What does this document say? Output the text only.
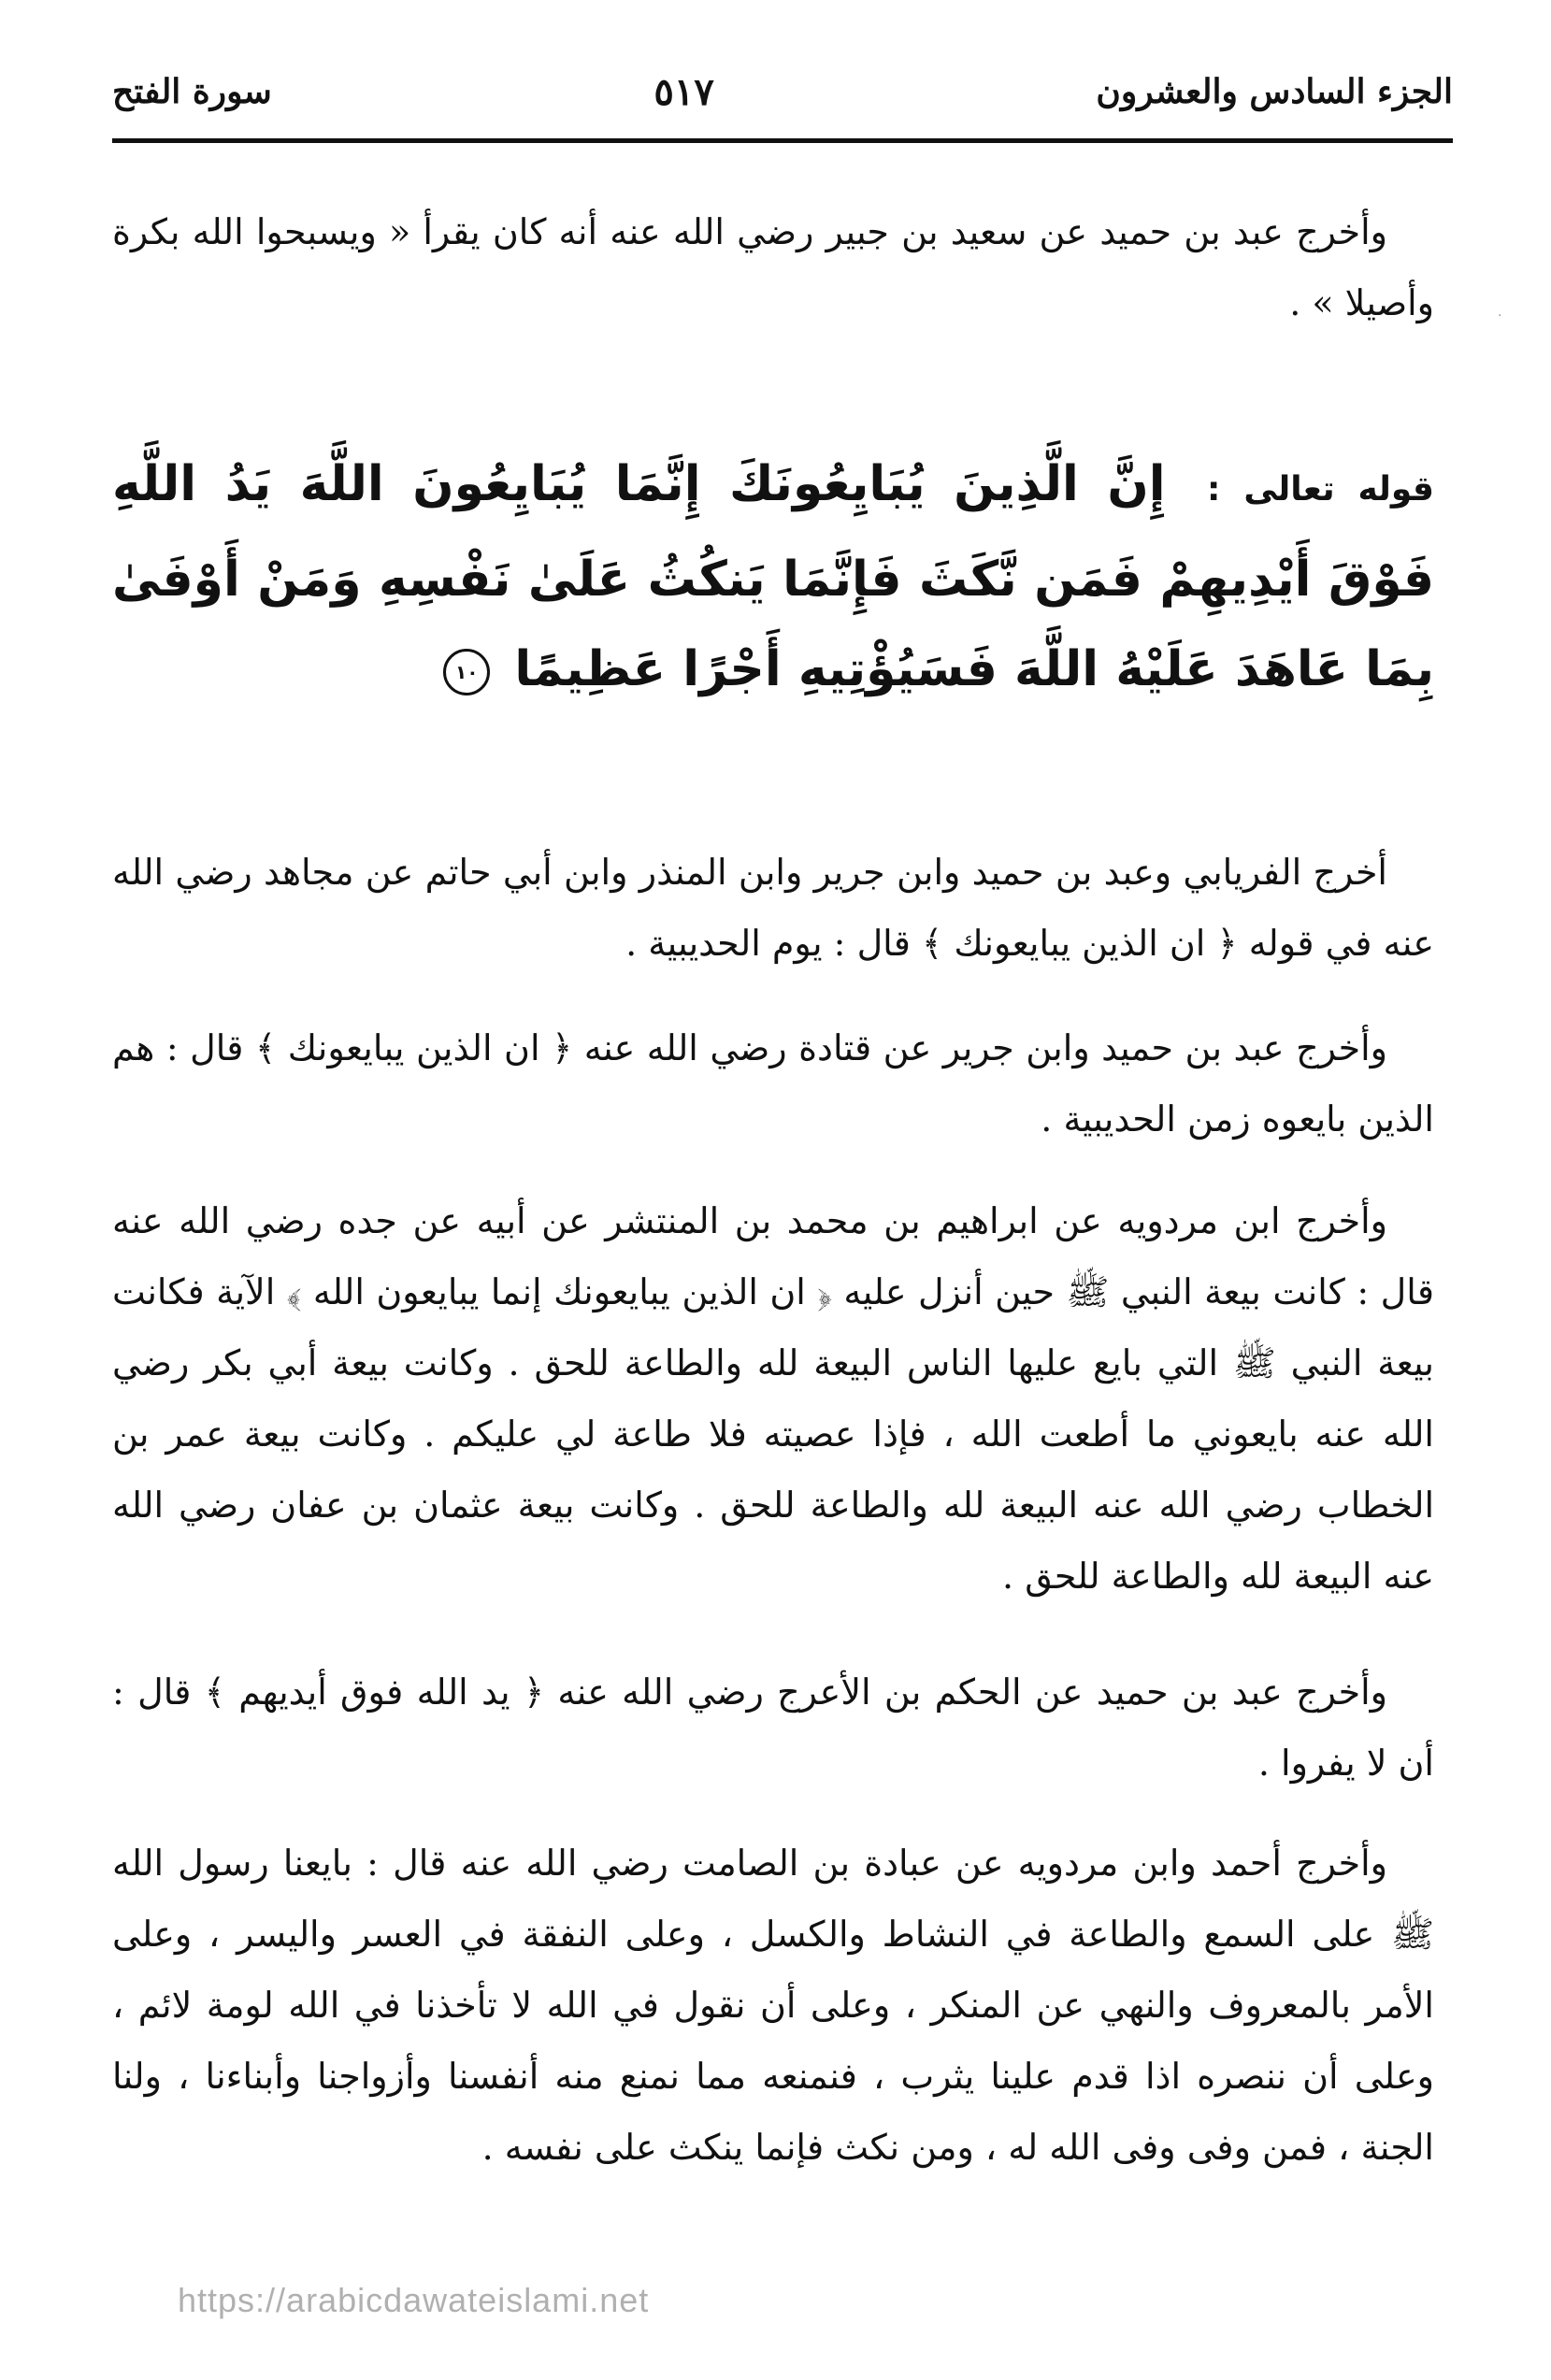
الجزء السادس والعشرون
٥١٧
سورة الفتح

وأخرج عبد بن حميد عن سعيد بن جبير رضي الله عنه أنه كان يقرأ « ويسبحوا الله بكرة وأصيلا » .

قوله تعالى : إِنَّ الَّذِينَ يُبَايِعُونَكَ إِنَّمَا يُبَايِعُونَ اللَّهَ يَدُ اللَّهِ فَوْقَ أَيْدِيهِمْ فَمَن نَّكَثَ فَإِنَّمَا يَنكُثُ عَلَىٰ نَفْسِهِ وَمَنْ أَوْفَىٰ بِمَا عَاهَدَ عَلَيْهُ اللَّهَ فَسَيُؤْتِيهِ أَجْرًا عَظِيمًا ١٠

أخرج الفريابي وعبد بن حميد وابن جرير وابن المنذر وابن أبي حاتم عن مجاهد رضي الله عنه في قوله ﴿ ان الذين يبايعونك ﴾ قال : يوم الحديبية .

وأخرج عبد بن حميد وابن جرير عن قتادة رضي الله عنه ﴿ ان الذين يبايعونك ﴾ قال : هم الذين بايعوه زمن الحديبية .

وأخرج ابن مردويه عن ابراهيم بن محمد بن المنتشر عن أبيه عن جده رضي الله عنه قال : كانت بيعة النبي ﷺ حين أنزل عليه ﴿ ان الذين يبايعونك إنما يبايعون الله ﴾ الآية فكانت بيعة النبي ﷺ التي بايع عليها الناس البيعة لله والطاعة للحق . وكانت بيعة أبي بكر رضي الله عنه بايعوني ما أطعت الله ، فإذا عصيته فلا طاعة لي عليكم . وكانت بيعة عمر بن الخطاب رضي الله عنه البيعة لله والطاعة للحق . وكانت بيعة عثمان بن عفان رضي الله عنه البيعة لله والطاعة للحق .

وأخرج عبد بن حميد عن الحكم بن الأعرج رضي الله عنه ﴿ يد الله فوق أيديهم ﴾ قال : أن لا يفروا .

وأخرج أحمد وابن مردويه عن عبادة بن الصامت رضي الله عنه قال : بايعنا رسول الله ﷺ على السمع والطاعة في النشاط والكسل ، وعلى النفقة في العسر واليسر ، وعلى الأمر بالمعروف والنهي عن المنكر ، وعلى أن نقول في الله لا تأخذنا في الله لومة لائم ، وعلى أن ننصره اذا قدم علينا يثرب ، فنمنعه مما نمنع منه أنفسنا وأزواجنا وأبناءنا ، ولنا الجنة ، فمن وفى وفى الله له ، ومن نكث فإنما ينكث على نفسه .

https://arabicdawateislami.net
·
